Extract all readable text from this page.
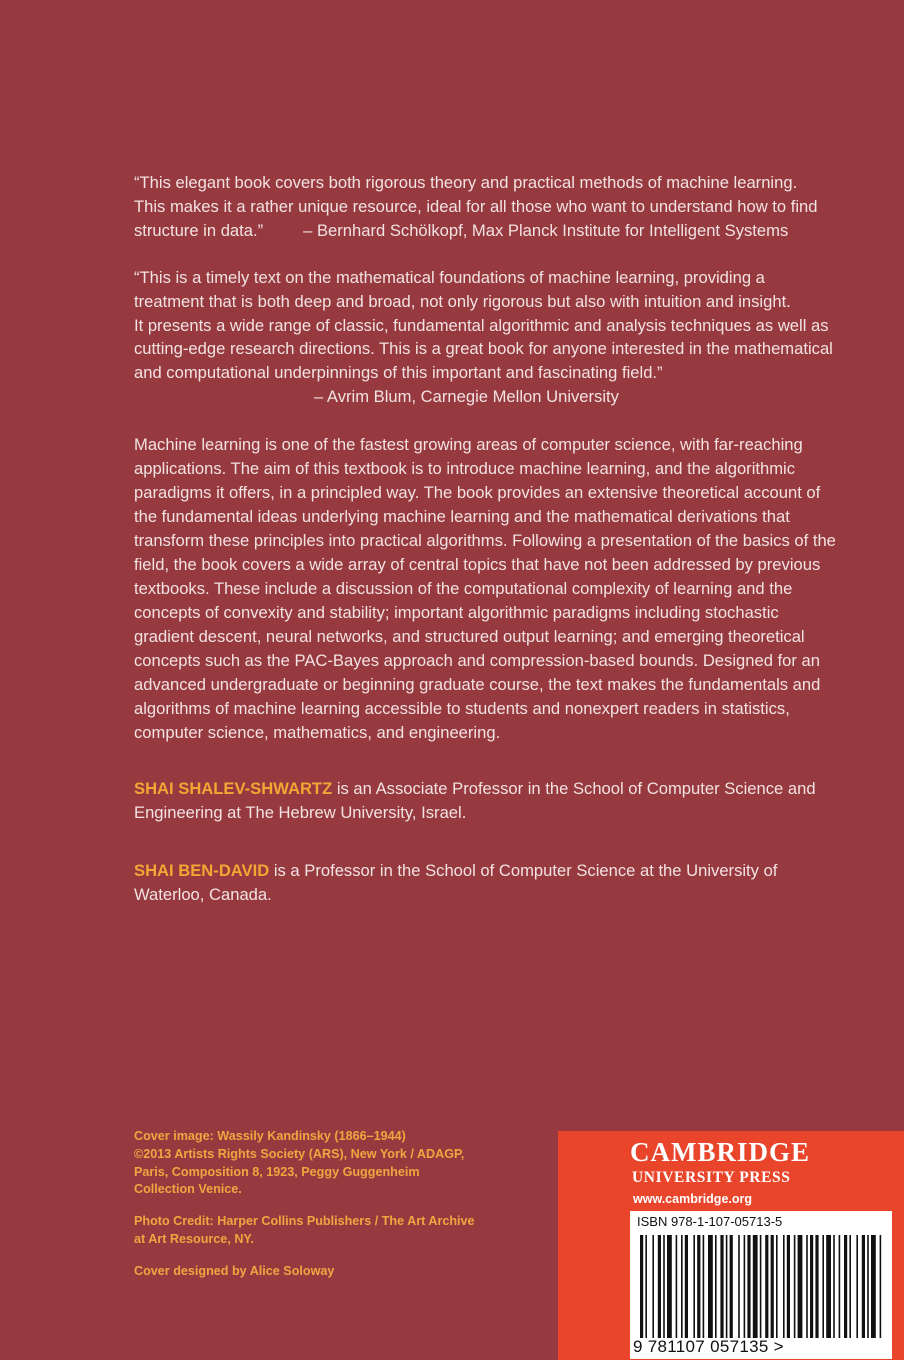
“This elegant book covers both rigorous theory and practical methods of machine learning.
This makes it a rather unique resource, ideal for all those who want to understand how to find
structure in data.” – Bernhard Schölkopf, Max Planck Institute for Intelligent Systems
“This is a timely text on the mathematical foundations of machine learning, providing a
treatment that is both deep and broad, not only rigorous but also with intuition and insight.
It presents a wide range of classic, fundamental algorithmic and analysis techniques as well as
cutting-edge research directions. This is a great book for anyone interested in the mathematical
and computational underpinnings of this important and fascinating field.”
– Avrim Blum, Carnegie Mellon University

Machine learning is one of the fastest growing areas of computer science, with far-reaching applications. The aim of this textbook is to introduce machine learning, and the algorithmic paradigms it offers, in a principled way. The book provides an extensive theoretical account of the fundamental ideas underlying machine learning and the mathematical derivations that transform these principles into practical algorithms. Following a presentation of the basics of the field, the book covers a wide array of central topics that have not been addressed by previous textbooks. These include a discussion of the computational complexity of learning and the concepts of convexity and stability; important algorithmic paradigms including stochastic gradient descent, neural networks, and structured output learning; and emerging theoretical concepts such as the PAC-Bayes approach and compression-based bounds. Designed for an advanced undergraduate or beginning graduate course, the text makes the fundamentals and algorithms of machine learning accessible to students and nonexpert readers in statistics, computer science, mathematics, and engineering.

SHAI SHALEV-SHWARTZ is an Associate Professor in the School of Computer Science and Engineering at The Hebrew University, Israel.

SHAI BEN-DAVID is a Professor in the School of Computer Science at the University of Waterloo, Canada.

Cover image: Wassily Kandinsky (1866–1944)
©2013 Artists Rights Society (ARS), New York / ADAGP,
Paris, Composition 8, 1923, Peggy Guggenheim
Collection Venice.

Photo Credit: Harper Collins Publishers / The Art Archive
at Art Resource, NY.

Cover designed by Alice Soloway

CAMBRIDGE
UNIVERSITY PRESS
www.cambridge.org
ISBN 978-1-107-05713-5
9 781107 057135 >
